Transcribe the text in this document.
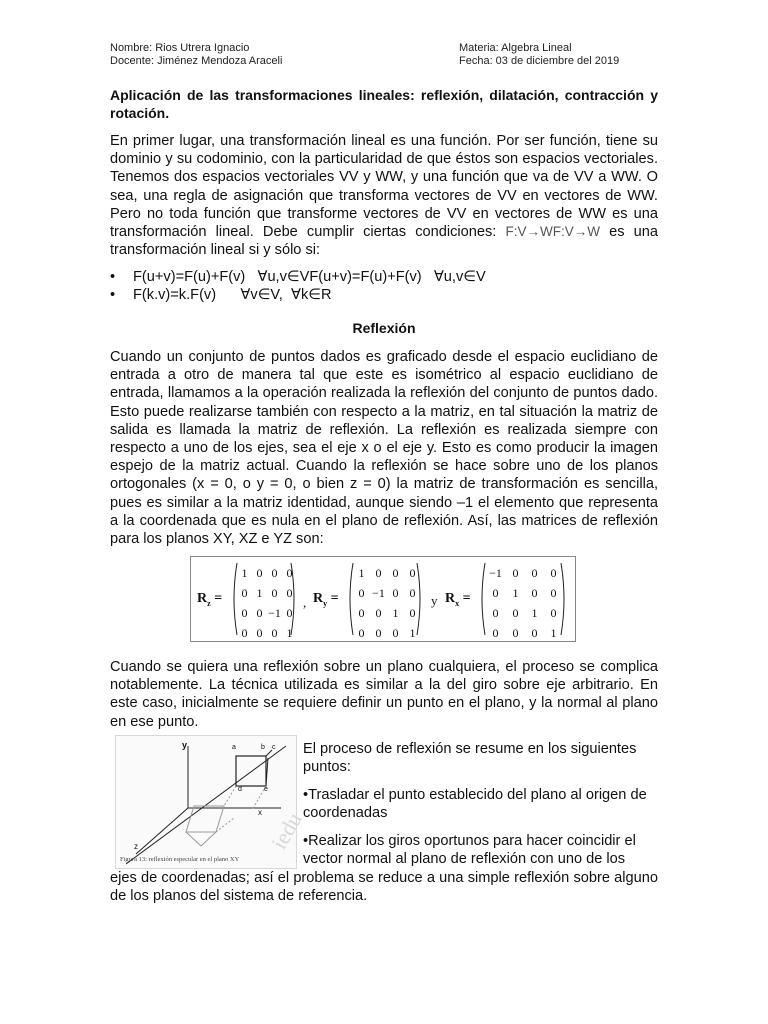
Nombre: Rios Utrera Ignacio
Docente: Jiménez Mendoza Araceli
Materia: Algebra Lineal
Fecha: 03 de diciembre del 2019
Aplicación de las transformaciones lineales: reflexión, dilatación, contracción y rotación.
En primer lugar, una transformación lineal es una función. Por ser función, tiene su dominio y su codominio, con la particularidad de que éstos son espacios vectoriales. Tenemos dos espacios vectoriales VV y WW, y una función que va de VV a WW. O sea, una regla de asignación que transforma vectores de VV en vectores de WW. Pero no toda función que transforme vectores de VV en vectores de WW es una transformación lineal. Debe cumplir ciertas condiciones: F:V→WF:V→W es una transformación lineal si y sólo si:
• F(u+v)=F(u)+F(v)   ∀u,v∈VF(u+v)=F(u)+F(v)   ∀u,v∈V
• F(k.v)=k.F(v)      ∀v∈V,  ∀k∈R
Reflexión
Cuando un conjunto de puntos dados es graficado desde el espacio euclidiano de entrada a otro de manera tal que este es isométrico al espacio euclidiano de entrada, llamamos a la operación realizada la reflexión del conjunto de puntos dado. Esto puede realizarse también con respecto a la matriz, en tal situación la matriz de salida es llamada la matriz de reflexión. La reflexión es realizada siempre con respecto a uno de los ejes, sea el eje x o el eje y. Esto es como producir la imagen espejo de la matriz actual. Cuando la reflexión se hace sobre uno de los planos ortogonales (x = 0, o y = 0, o bien z = 0) la matriz de transformación es sencilla, pues es similar a la matriz identidad, aunque siendo –1 el elemento que representa a la coordenada que es nula en el plano de reflexión. Así, las matrices de reflexión para los planos XY, XZ e YZ son:
$R_z$ =
1	0	0	0
0	1	0	0
0	0	−1	0
0	0	0	1
, $R_y$ =
1	0	0	0
0	−1	0	0
0	0	1	0
0	0	0	1
y $R_x$ =
−1	0	0	0
0	1	0	0
0	0	1	0
0	0	0	1
Cuando se quiera una reflexión sobre un plano cualquiera, el proceso se complica notablemente. La técnica utilizada es similar a la del giro sobre eje arbitrario. En este caso, inicialmente se requiere definir un punto en el plano, y la normal al plano en ese punto.
y	a	b c
d	e
x
z	iedu
Figura 13: reflexión especular en el plano XY
El proceso de reflexión se resume en los siguientes puntos:
•Trasladar el punto establecido del plano al origen de coordenadas
•Realizar los giros oportunos para hacer coincidir el vector normal al plano de reflexión con uno de los
ejes de coordenadas; así el problema se reduce a una simple reflexión sobre alguno de los planos del sistema de referencia.
